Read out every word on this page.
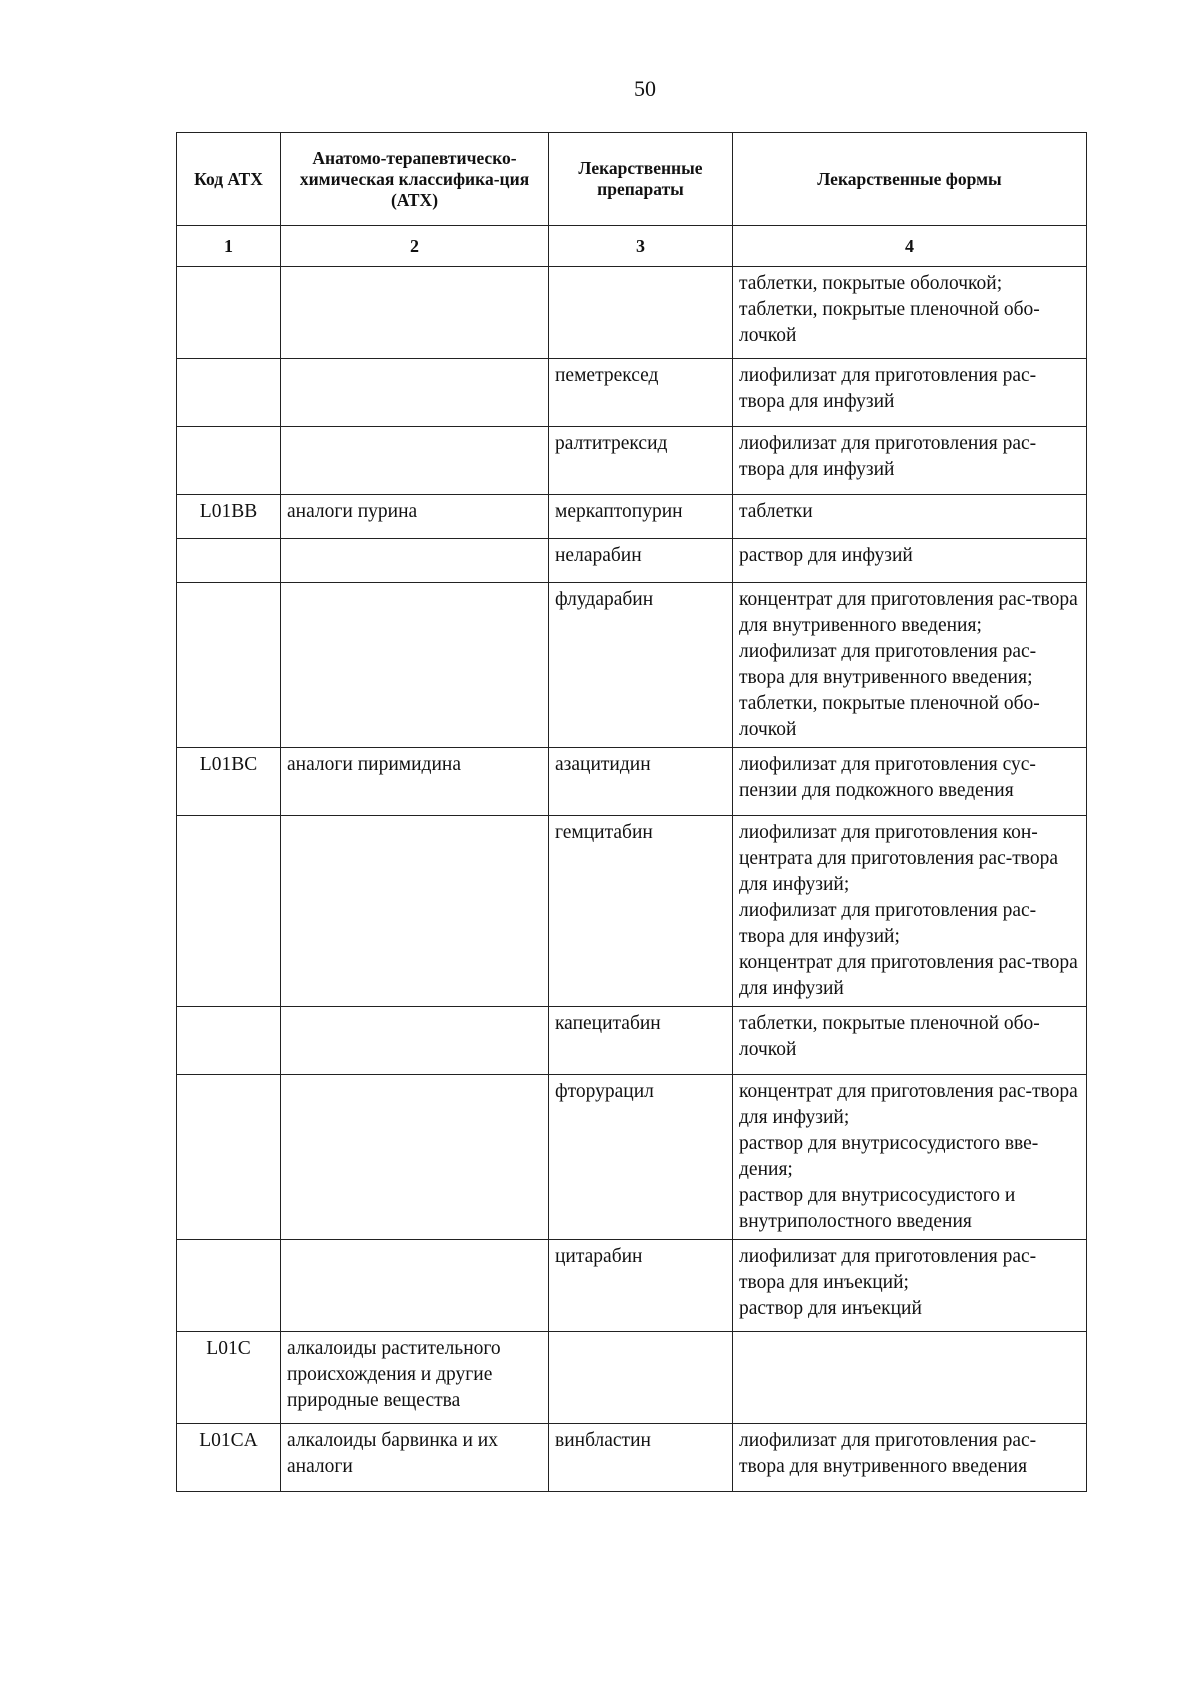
50
Код АТХ	Анатомо-терапевтическо-химическая классифика-ция (АТХ)	Лекарственные препараты	Лекарственные формы
1	2	3	4

			таблетки, покрытые оболочкой;
таблетки, покрытые пленочной обо-лочкой

		пеметрексед	лиофилизат для приготовления рас-твора для инфузий

		ралтитрексид	лиофилизат для приготовления рас-твора для инфузий

L01BB	аналоги пурина	меркаптопурин	таблетки

		неларабин	раствор для инфузий

		флударабин	концентрат для приготовления рас-твора для внутривенного введения;
лиофилизат для приготовления рас-твора для внутривенного введения;
таблетки, покрытые пленочной обо-лочкой

L01BC	аналоги пиримидина	азацитидин	лиофилизат для приготовления сус-пензии для подкожного введения

		гемцитабин	лиофилизат для приготовления кон-центрата для приготовления рас-твора для инфузий;
лиофилизат для приготовления рас-твора для инфузий;
концентрат для приготовления рас-твора для инфузий

		капецитабин	таблетки, покрытые пленочной обо-лочкой

		фторурацил	концентрат для приготовления рас-твора для инфузий;
раствор для внутрисосудистого вве-дения;
раствор для внутрисосудистого и внутриполостного введения

		цитарабин	лиофилизат для приготовления рас-твора для инъекций;
раствор для инъекций

L01C	алкалоиды растительного происхождения и другие природные вещества		
L01CA	алкалоиды барвинка и их аналоги	винбластин	лиофилизат для приготовления рас-твора для внутривенного введения
